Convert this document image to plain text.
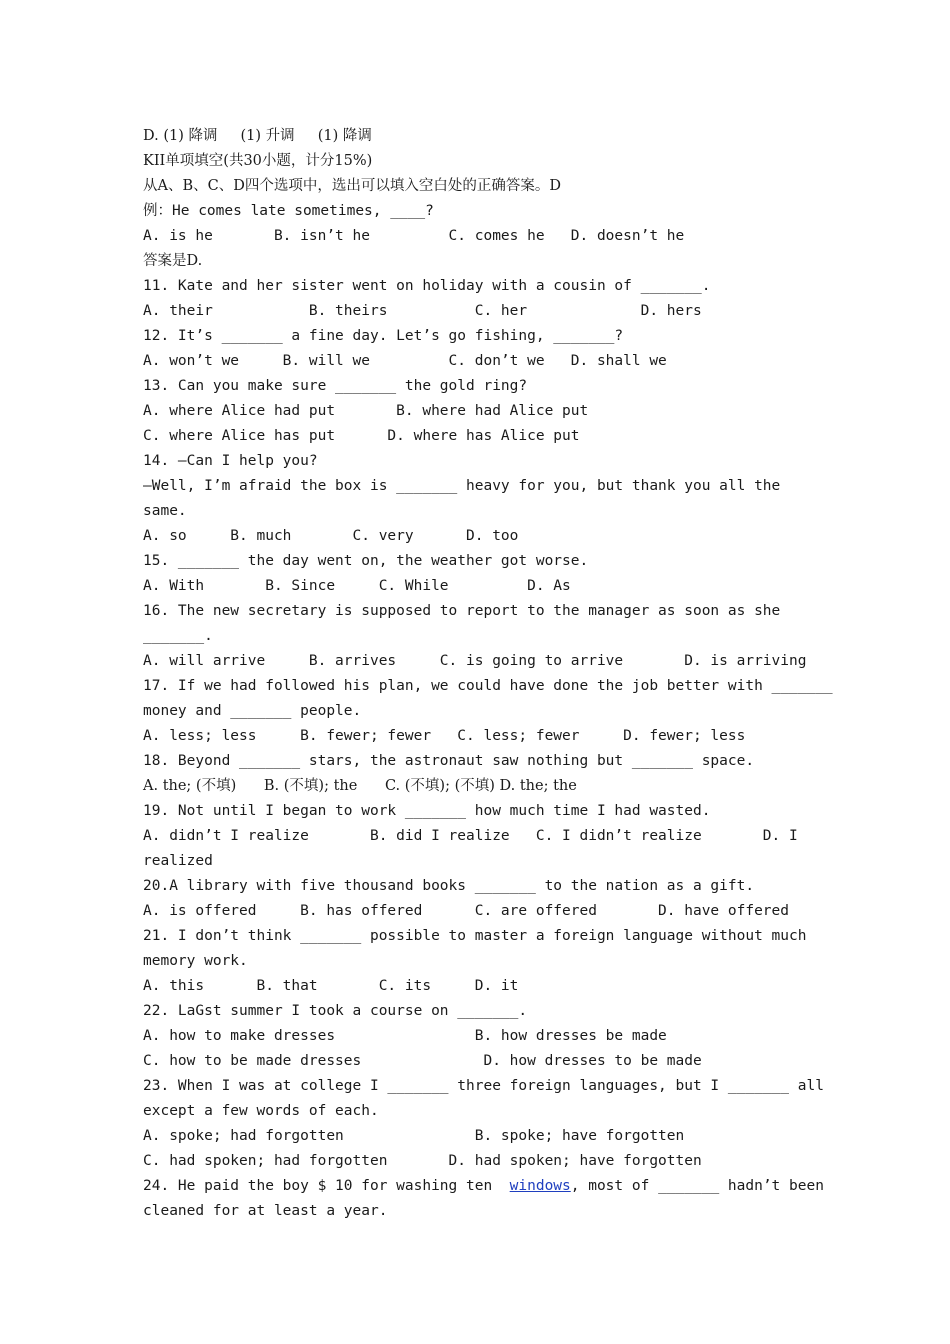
D. (1) 降调     (1) 升调     (1) 降调
KII单项填空(共30小题，计分15%)
从A、B、C、D四个选项中，选出可以填入空白处的正确答案。D
例：He comes late sometimes, ____?
A. is he       B. isn’t he         C. comes he   D. doesn’t he
答案是D.
11. Kate and her sister went on holiday with a cousin of _______.
A. their           B. theirs          C. her             D. hers
12. It’s _______ a fine day. Let’s go fishing, _______?
A. won’t we     B. will we         C. don’t we   D. shall we
13. Can you make sure _______ the gold ring?
A. where Alice had put       B. where had Alice put
C. where Alice has put      D. where has Alice put
14. —Can I help you?
—Well, I’m afraid the box is _______ heavy for you, but thank you all the
same.
A. so     B. much       C. very      D. too
15. _______ the day went on, the weather got worse.
A. With       B. Since     C. While         D. As
16. The new secretary is supposed to report to the manager as soon as she
_______.
A. will arrive     B. arrives     C. is going to arrive       D. is arriving
17. If we had followed his plan, we could have done the job better with _______
money and _______ people.
A. less; less     B. fewer; fewer   C. less; fewer     D. fewer; less
18. Beyond _______ stars, the astronaut saw nothing but _______ space.
A. the; (不填)      B. (不填); the      C. (不填); (不填) D. the; the
19. Not until I began to work _______ how much time I had wasted.
A. didn’t I realize       B. did I realize   C. I didn’t realize       D. I
realized
20.A library with five thousand books _______ to the nation as a gift.
A. is offered     B. has offered      C. are offered       D. have offered
21. I don’t think _______ possible to master a foreign language without much
memory work.
A. this      B. that       C. its     D. it
22. LaGst summer I took a course on _______.
A. how to make dresses                B. how dresses be made
C. how to be made dresses              D. how dresses to be made
23. When I was at college I _______ three foreign languages, but I _______ all
except a few words of each.
A. spoke; had forgotten               B. spoke; have forgotten
C. had spoken; had forgotten       D. had spoken; have forgotten
24. He paid the boy $ 10 for washing ten  windows, most of _______ hadn’t been
cleaned for at least a year.
